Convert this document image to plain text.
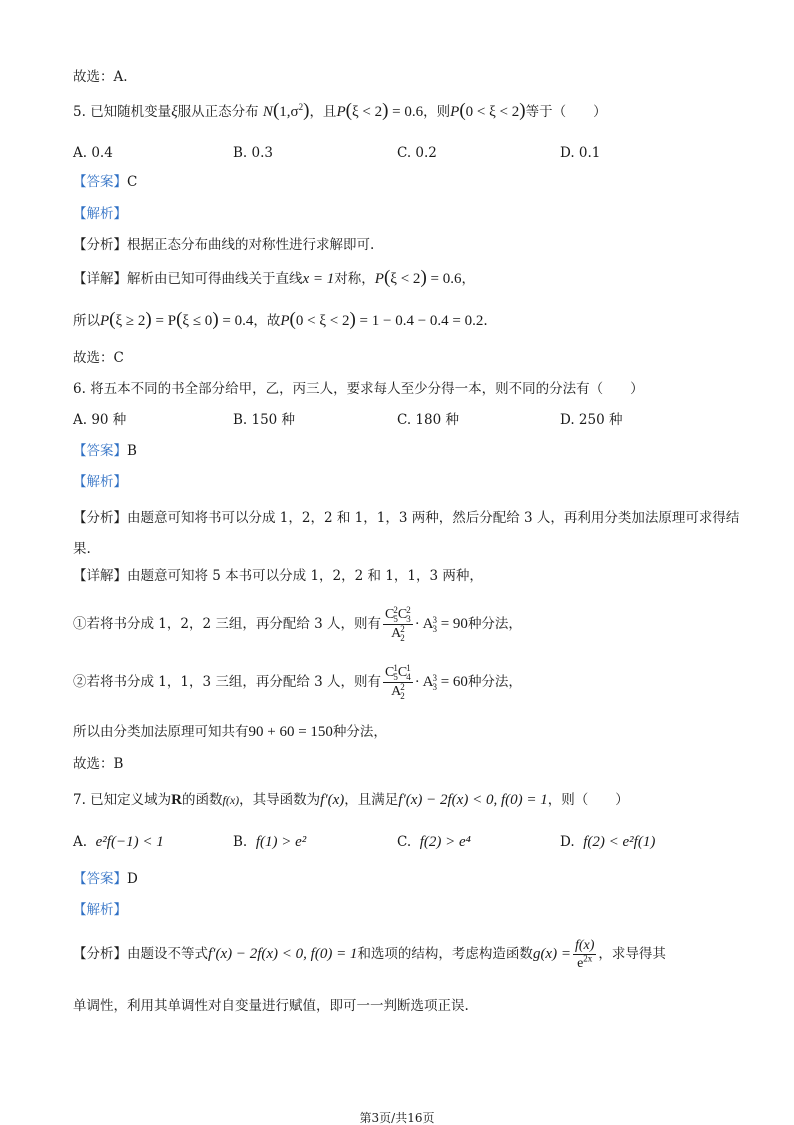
故选：A.
5. 已知随机变量ξ服从正态分布 $N(1,\sigma^2)$，且P(ξ < 2) = 0.6，则P(0 < ξ < 2)等于（　　）
A. 0.4	B. 0.3	C. 0.2	D. 0.1
【答案】C
【解析】
【分析】根据正态分布曲线的对称性进行求解即可.
【详解】解析由已知可得曲线关于直线x = 1对称，P(ξ < 2) = 0.6，
所以P(ξ ≥ 2) = P(ξ ≤ 0) = 0.4，故P(0 < ξ < 2) = 1 − 0.4 − 0.4 = 0.2.
故选：C
6. 将五本不同的书全部分给甲，乙，丙三人，要求每人至少分得一本，则不同的分法有（　　）
A. 90 种	B. 150 种	C. 180 种	D. 250 种
【答案】B
【解析】
【分析】由题意可知将书可以分成 1，2，2 和 1，1，3 两种，然后分配给 3 人，再利用分类加法原理可求得结果.
【详解】由题意可知将 5 本书可以分成 1，2，2 和 1，1，3 两种，
①若将书分成 1，2，2 三组，再分配给 3 人，则有 C 2
5 C 2
3
A 2
2 · A 3
3 = 90 种分法，
②若将书分成 1，1，3 三组，再分配给 3 人，则有 C 1
5 C 1
4
A 2
2 · A 3
3 = 60 种分法，
所以由分类加法原理可知共有90 + 60 = 150种分法，
故选：B
7. 已知定义域为R的函数f(x)，其导函数为f′(x)，且满足f′(x) − 2f(x) < 0, f(0) = 1，则（　　）
A. e²f(−1) < 1	B. f(1) > e²	C. f(2) > e⁴	D. f(2) < e²f(1)
【答案】D
【解析】
【分析】 由题设不等式 f′(x) − 2f(x) < 0, f(0) = 1 和选项的结构，考虑构造函数 $g(x) = \frac{f(x)}{e^{2x}}$ ，求导得其
单调性，利用其单调性对自变量进行赋值，即可一一判断选项正误.
第3页/共16页
